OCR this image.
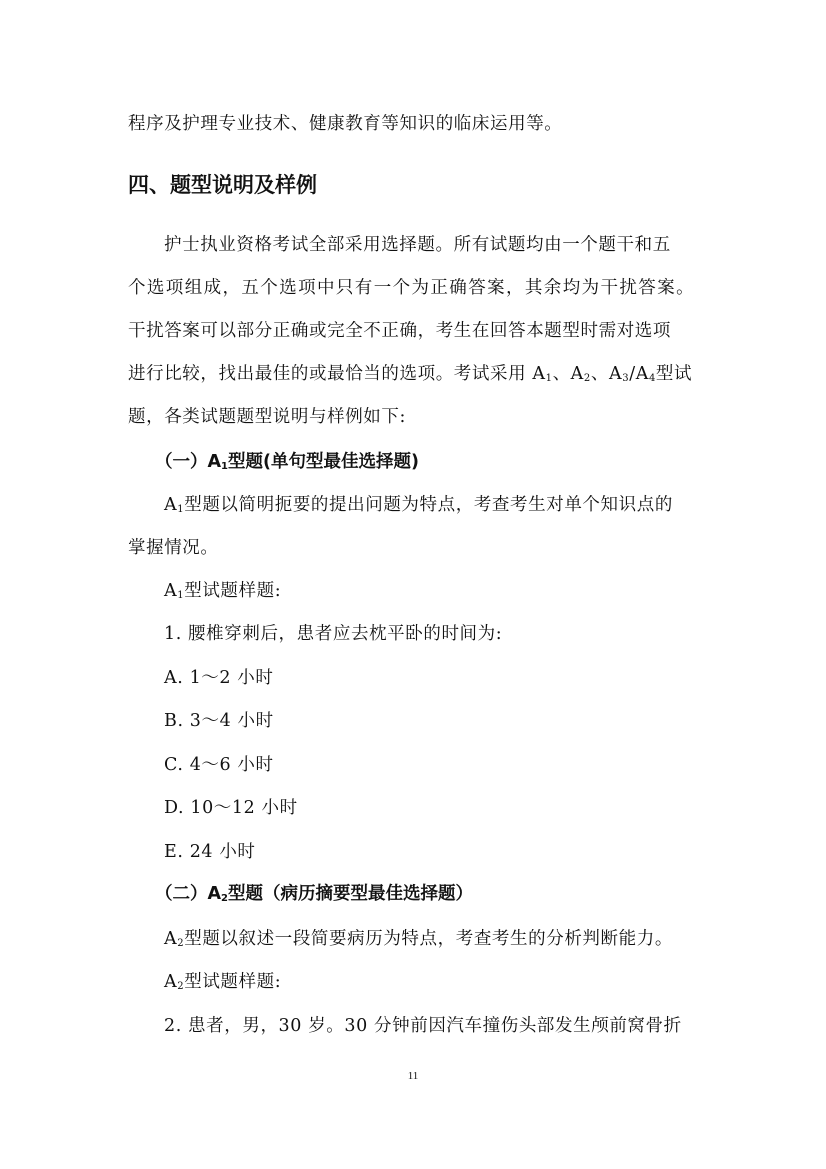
程序及护理专业技术、健康教育等知识的临床运用等。
四、题型说明及样例
护士执业资格考试全部采用选择题。所有试题均由一个题干和五
个选项组成，五个选项中只有一个为正确答案，其余均为干扰答案。
干扰答案可以部分正确或完全不正确，考生在回答本题型时需对选项
进行比较，找出最佳的或最恰当的选项。考试采用 $A_1$、$A_2$、$A_3/A_4$型试
题，各类试题题型说明与样例如下:
（一）$A_1$型题(单句型最佳选择题)
$A_1$型题以简明扼要的提出问题为特点，考查考生对单个知识点的
掌握情况。
$A_1$型试题样题:
1. 腰椎穿刺后，患者应去枕平卧的时间为:
A. 1～2 小时
B. 3～4 小时
C. 4～6 小时
D. 10～12 小时
E. 24 小时
（二）$A_2$型题（病历摘要型最佳选择题）
$A_2$型题以叙述一段简要病历为特点，考查考生的分析判断能力。
$A_2$型试题样题:
2. 患者，男，30 岁。30 分钟前因汽车撞伤头部发生颅前窝骨折
11
